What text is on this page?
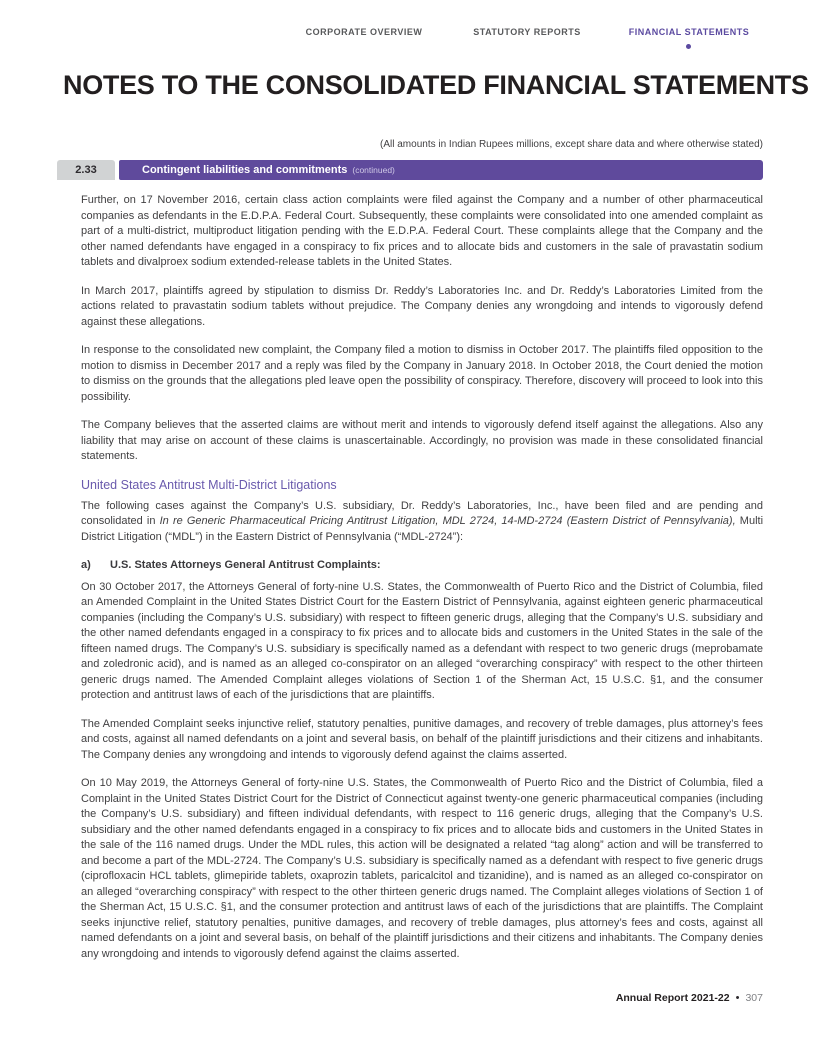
CORPORATE OVERVIEW	STATUTORY REPORTS	FINANCIAL STATEMENTS
NOTES TO THE CONSOLIDATED FINANCIAL STATEMENTS
(All amounts in Indian Rupees millions, except share data and where otherwise stated)
2.33	Contingent liabilities and commitments (continued)

Further, on 17 November 2016, certain class action complaints were filed against the Company and a number of other pharmaceutical companies as defendants in the E.D.P.A. Federal Court. Subsequently, these complaints were consolidated into one amended complaint as part of a multi-district, multiproduct litigation pending with the E.D.P.A. Federal Court. These complaints allege that the Company and the other named defendants have engaged in a conspiracy to fix prices and to allocate bids and customers in the sale of pravastatin sodium tablets and divalproex sodium extended-release tablets in the United States.

In March 2017, plaintiffs agreed by stipulation to dismiss Dr. Reddy’s Laboratories Inc. and Dr. Reddy’s Laboratories Limited from the actions related to pravastatin sodium tablets without prejudice. The Company denies any wrongdoing and intends to vigorously defend against these allegations.

In response to the consolidated new complaint, the Company filed a motion to dismiss in October 2017. The plaintiffs filed opposition to the motion to dismiss in December 2017 and a reply was filed by the Company in January 2018. In October 2018, the Court denied the motion to dismiss on the grounds that the allegations pled leave open the possibility of conspiracy. Therefore, discovery will proceed to look into this possibility.

The Company believes that the asserted claims are without merit and intends to vigorously defend itself against the allegations. Also any liability that may arise on account of these claims is unascertainable. Accordingly, no provision was made in these consolidated financial statements.

United States Antitrust Multi-District Litigations

The following cases against the Company’s U.S. subsidiary, Dr. Reddy’s Laboratories, Inc., have been filed and are pending and consolidated in In re Generic Pharmaceutical Pricing Antitrust Litigation, MDL 2724, 14-MD-2724 (Eastern District of Pennsylvania), Multi District Litigation (“MDL”) in the Eastern District of Pennsylvania (“MDL-2724”):

a)	U.S. States Attorneys General Antitrust Complaints:

On 30 October 2017, the Attorneys General of forty-nine U.S. States, the Commonwealth of Puerto Rico and the District of Columbia, filed an Amended Complaint in the United States District Court for the Eastern District of Pennsylvania, against eighteen generic pharmaceutical companies (including the Company’s U.S. subsidiary) with respect to fifteen generic drugs, alleging that the Company’s U.S. subsidiary and the other named defendants engaged in a conspiracy to fix prices and to allocate bids and customers in the United States in the sale of the fifteen named drugs. The Company’s U.S. subsidiary is specifically named as a defendant with respect to two generic drugs (meprobamate and zoledronic acid), and is named as an alleged co-conspirator on an alleged “overarching conspiracy” with respect to the other thirteen generic drugs named. The Amended Complaint alleges violations of Section 1 of the Sherman Act, 15 U.S.C. §1, and the consumer protection and antitrust laws of each of the jurisdictions that are plaintiffs.

The Amended Complaint seeks injunctive relief, statutory penalties, punitive damages, and recovery of treble damages, plus attorney’s fees and costs, against all named defendants on a joint and several basis, on behalf of the plaintiff jurisdictions and their citizens and inhabitants. The Company denies any wrongdoing and intends to vigorously defend against the claims asserted.

On 10 May 2019, the Attorneys General of forty-nine U.S. States, the Commonwealth of Puerto Rico and the District of Columbia, filed a Complaint in the United States District Court for the District of Connecticut against twenty-one generic pharmaceutical companies (including the Company’s U.S. subsidiary) and fifteen individual defendants, with respect to 116 generic drugs, alleging that the Company’s U.S. subsidiary and the other named defendants engaged in a conspiracy to fix prices and to allocate bids and customers in the United States in the sale of the 116 named drugs. Under the MDL rules, this action will be designated a related “tag along” action and will be transferred to and become a part of the MDL-2724. The Company’s U.S. subsidiary is specifically named as a defendant with respect to five generic drugs (ciprofloxacin HCL tablets, glimepiride tablets, oxaprozin tablets, paricalcitol and tizanidine), and is named as an alleged co-conspirator on an alleged “overarching conspiracy” with respect to the other thirteen generic drugs named. The Complaint alleges violations of Section 1 of the Sherman Act, 15 U.S.C. §1, and the consumer protection and antitrust laws of each of the jurisdictions that are plaintiffs. The Complaint seeks injunctive relief, statutory penalties, punitive damages, and recovery of treble damages, plus attorney’s fees and costs, against all named defendants on a joint and several basis, on behalf of the plaintiff jurisdictions and their citizens and inhabitants. The Company denies any wrongdoing and intends to vigorously defend against the claims asserted.

Annual Report 2021-22 • 307
